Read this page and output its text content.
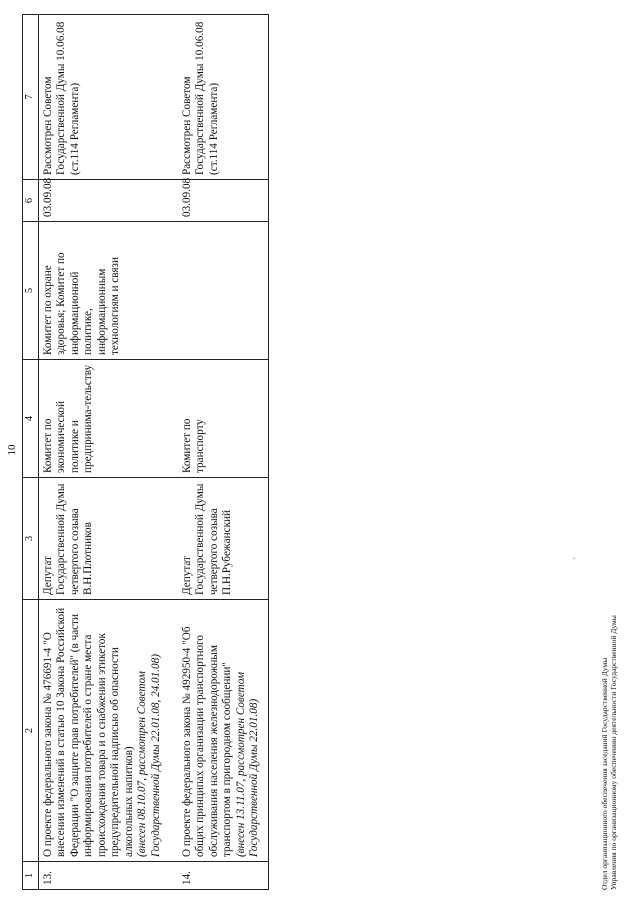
10
1	2	3	4	5	6	7
13.	О проекте федерального закона № 476691-4 "О внесении изменений в статью 10 Закона Российской Федерации "О защите прав потребителей" (в части информирования потребителей о стране места происхождения товара и о снабжении этикеток предупредительной надписью об опасности алкогольных напитков) (внесен 08.10.07, рассмотрен Советом Государственной Думы 22.01.08, 24.01.08)	Депутат Государственной Думы четвертого созыва В.Н.Плотников	Комитет по экономической политике и предпринима-тельству	Комитет по охране здоровья; Комитет по информационной политике, информационным технологиям и связи	03.09.08	Рассмотрен Советом Государственной Думы 10.06.08 (ст.114 Регламента)

14.	О проекте федерального закона № 492950-4 "Об общих принципах организации транспортного обслуживания населения железнодорожным транспортом в пригородном сообщении" (внесен 13.11.07, рассмотрен Советом Государственной Думы 22.01.08)	Депутат Государственной Думы четвертого созыва П.Н.Рубежанский	Комитет по транспорту		03.09.08	Рассмотрен Советом Государственной Думы 10.06.08 (ст.114 Регламента)
·
Отдел организационного обеспечения заседаний Государственной Думы Управления по организационному обеспечению деятельности Государственной Думы
